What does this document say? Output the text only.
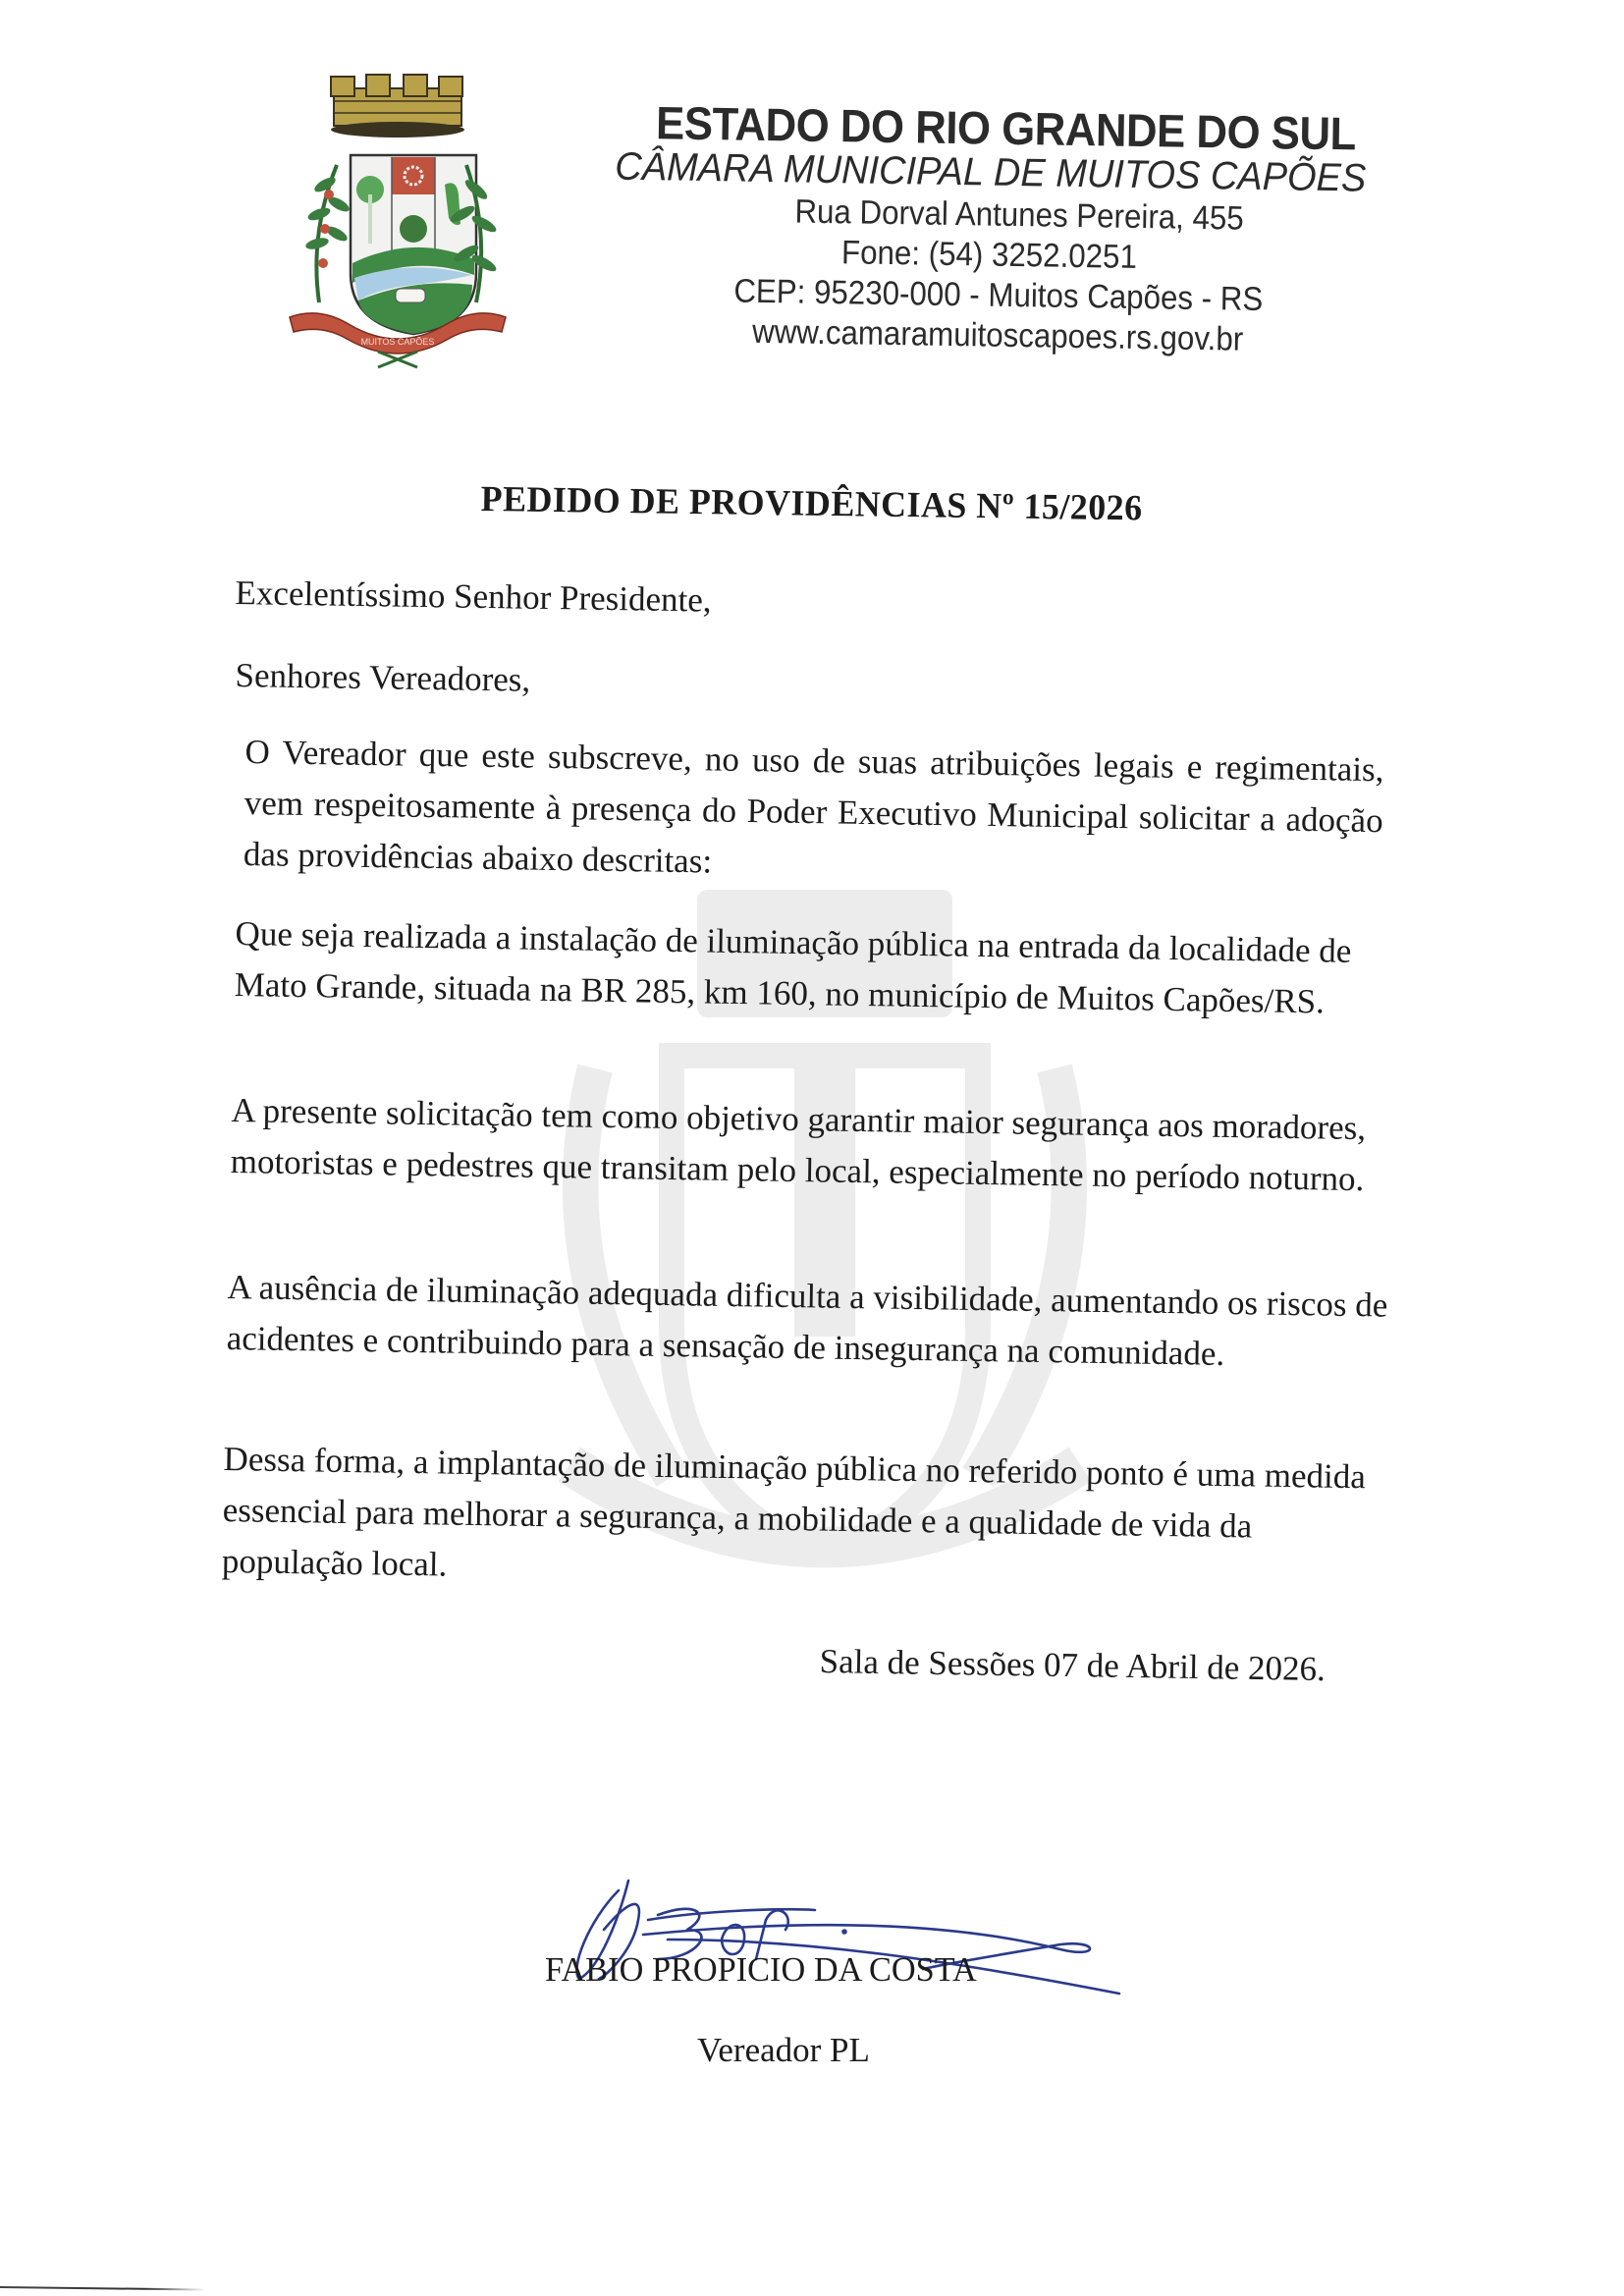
MUITOS CAPÕES
ESTADO DO RIO GRANDE DO SUL
CÂMARA MUNICIPAL DE MUITOS CAPÕES
Rua Dorval Antunes Pereira, 455
Fone: (54) 3252.0251
CEP: 95230-000 - Muitos Capões - RS
www.camaramuitoscapoes.rs.gov.br
PEDIDO DE PROVIDÊNCIAS Nº 15/2026

Excelentíssimo Senhor Presidente,

Senhores Vereadores,

O Vereador que este subscreve, no uso de suas atribuições legais e regimentais, vem respeitosamente à presença do Poder Executivo Municipal solicitar a adoção das providências abaixo descritas:

Que seja realizada a instalação de iluminação pública na entrada da localidade de Mato Grande, situada na BR 285, km 160, no município de Muitos Capões/RS.

A presente solicitação tem como objetivo garantir maior segurança aos moradores, motoristas e pedestres que transitam pelo local, especialmente no período noturno.

A ausência de iluminação adequada dificulta a visibilidade, aumentando os riscos de acidentes e contribuindo para a sensação de insegurança na comunidade.

Dessa forma, a implantação de iluminação pública no referido ponto é uma medida essencial para melhorar a segurança, a mobilidade e a qualidade de vida da população local.

Sala de Sessões 07 de Abril de 2026.
FABIO PROPICIO DA COSTA
Vereador PL
